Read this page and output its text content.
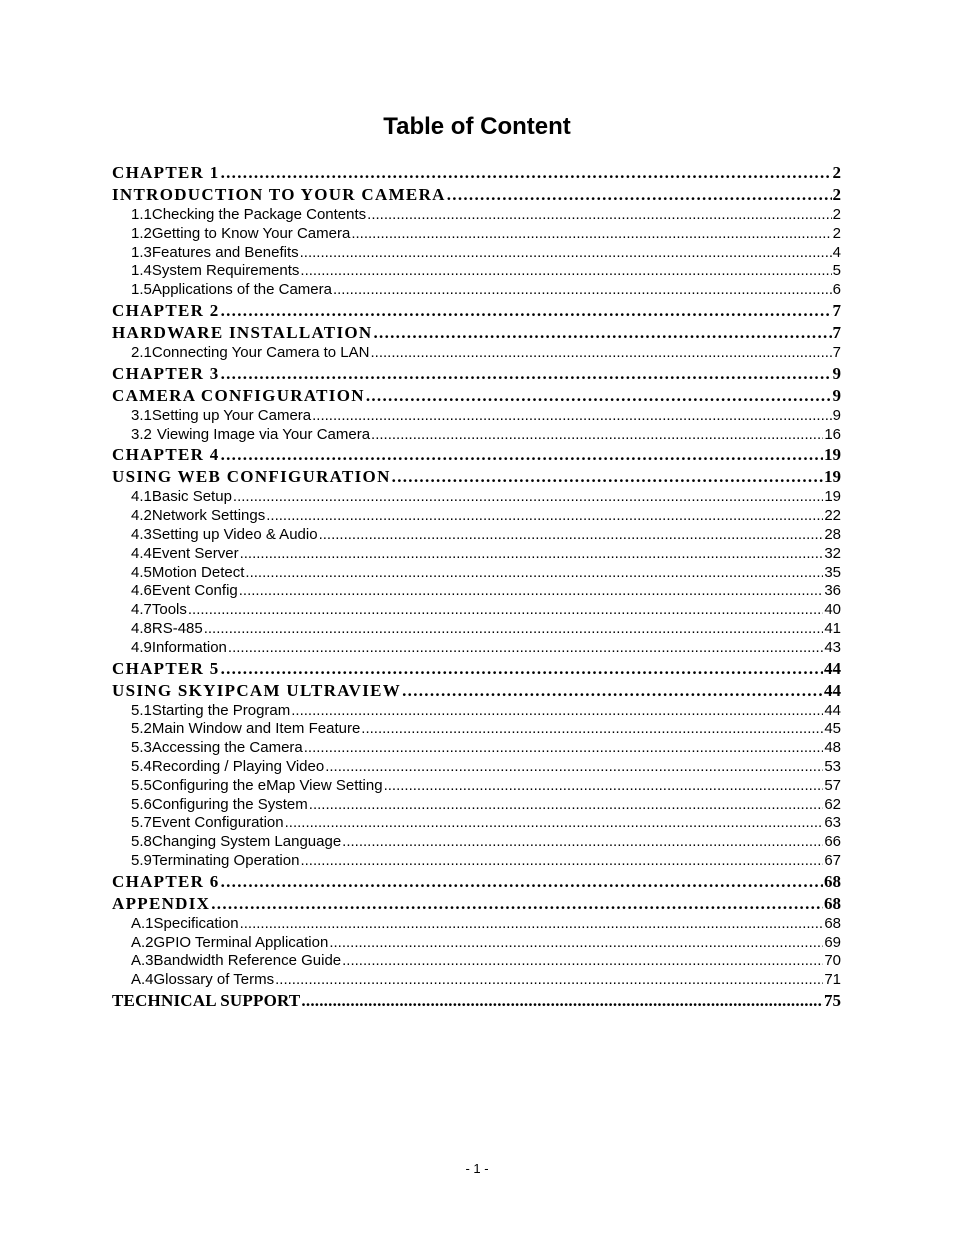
Table of Content
CHAPTER 1 .....	2
INTRODUCTION TO YOUR CAMERA .....	2
1.1 Checking the Package Contents .....	2
1.2 Getting to Know Your Camera .....	2
1.3 Features and Benefits .....	4
1.4 System Requirements .....	5
1.5 Applications of the Camera .....	6
CHAPTER 2 .....	7
HARDWARE INSTALLATION .....	7
2.1 Connecting Your Camera to LAN .....	7
CHAPTER 3 .....	9
CAMERA CONFIGURATION .....	9
3.1 Setting up Your Camera .....	9
3.2 Viewing Image via Your Camera .....	16
CHAPTER 4 .....	19
USING WEB CONFIGURATION .....	19
4.1 Basic Setup .....	19
4.2 Network Settings .....	22
4.3 Setting up Video & Audio .....	28
4.4 Event Server .....	32
4.5 Motion Detect .....	35
4.6 Event Config .....	36
4.7 Tools .....	40
4.8 RS-485 .....	41
4.9 Information .....	43
CHAPTER 5 .....	44
USING SKYIPCAM ULTRAVIEW .....	44
5.1 Starting the Program .....	44
5.2 Main Window and Item Feature .....	45
5.3 Accessing the Camera .....	48
5.4 Recording / Playing Video .....	53
5.5 Configuring the eMap View Setting .....	57
5.6 Configuring the System .....	62
5.7 Event Configuration .....	63
5.8 Changing System Language .....	66
5.9 Terminating Operation .....	67
CHAPTER 6 .....	68
APPENDIX .....	68
A.1 Specification .....	68
A.2 GPIO Terminal Application .....	69
A.3 Bandwidth Reference Guide .....	70
A.4 Glossary of Terms .....	71
TECHNICAL SUPPORT .....	75
- 1 -
